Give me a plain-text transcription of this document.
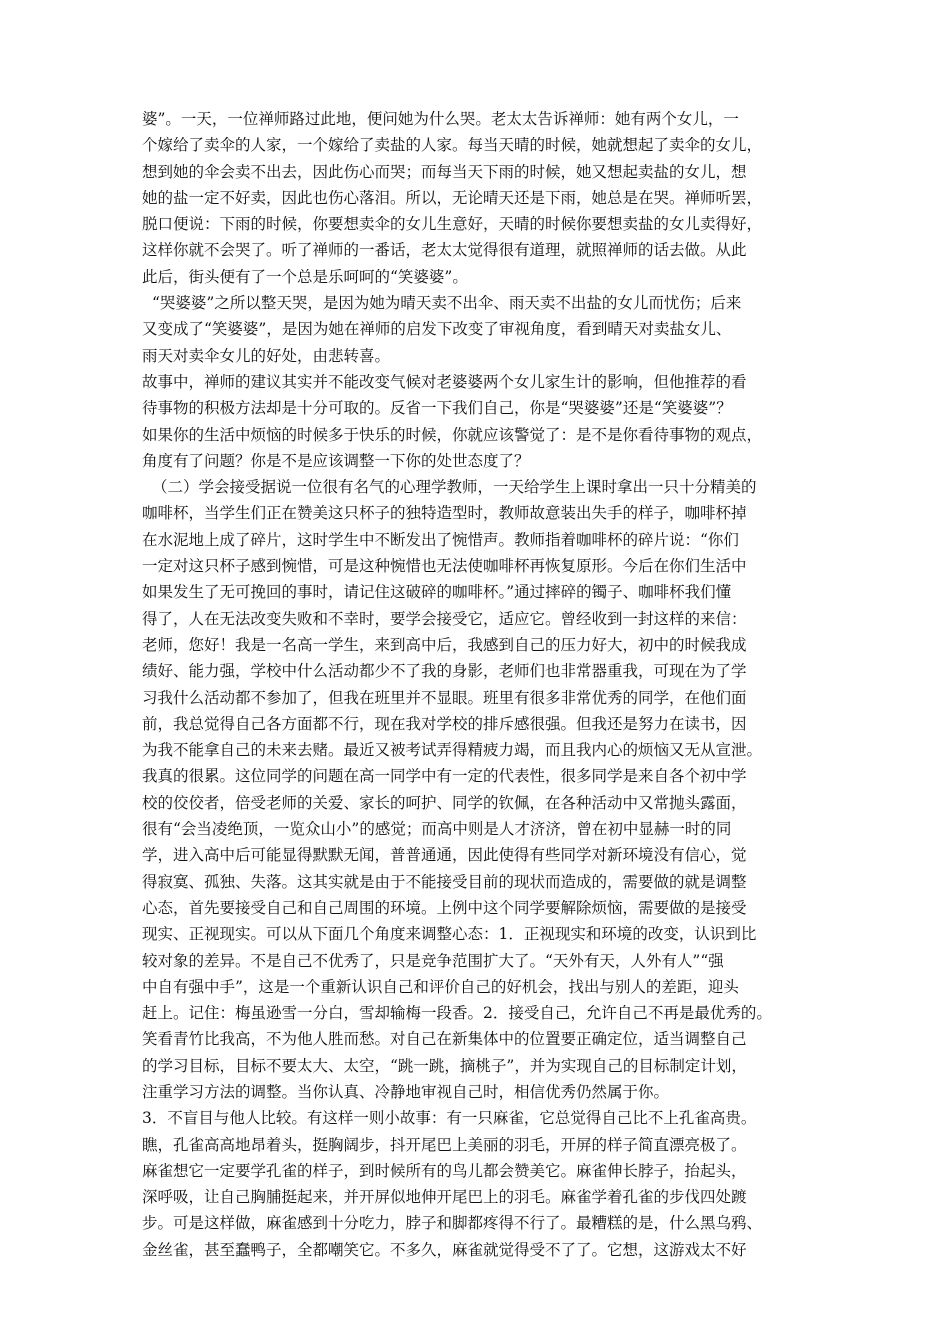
婆”。一天，一位禅师路过此地，便问她为什么哭。老太太告诉禅师：她有两个女儿，一
个嫁给了卖伞的人家，一个嫁给了卖盐的人家。每当天晴的时候，她就想起了卖伞的女儿，
想到她的伞会卖不出去，因此伤心而哭；而每当天下雨的时候，她又想起卖盐的女儿，想
她的盐一定不好卖，因此也伤心落泪。所以，无论晴天还是下雨，她总是在哭。禅师听罢，
脱口便说：下雨的时候，你要想卖伞的女儿生意好，天晴的时候你要想卖盐的女儿卖得好，
这样你就不会哭了。听了禅师的一番话，老太太觉得很有道理，就照禅师的话去做。从此
此后，街头便有了一个总是乐呵呵的“笑婆婆”。
“哭婆婆”之所以整天哭，是因为她为晴天卖不出伞、雨天卖不出盐的女儿而忧伤；后来
又变成了“笑婆婆”，是因为她在禅师的启发下改变了审视角度，看到晴天对卖盐女儿、
雨天对卖伞女儿的好处，由悲转喜。
故事中，禅师的建议其实并不能改变气候对老婆婆两个女儿家生计的影响，但他推荐的看
待事物的积极方法却是十分可取的。反省一下我们自己，你是“哭婆婆”还是“笑婆婆”？
如果你的生活中烦恼的时候多于快乐的时候，你就应该警觉了：是不是你看待事物的观点，
角度有了问题？你是不是应该调整一下你的处世态度了？
（二）学会接受据说一位很有名气的心理学教师，一天给学生上课时拿出一只十分精美的
咖啡杯，当学生们正在赞美这只杯子的独特造型时，教师故意装出失手的样子，咖啡杯掉
在水泥地上成了碎片，这时学生中不断发出了惋惜声。教师指着咖啡杯的碎片说：“你们
一定对这只杯子感到惋惜，可是这种惋惜也无法使咖啡杯再恢复原形。今后在你们生活中
如果发生了无可挽回的事时，请记住这破碎的咖啡杯。”通过摔碎的镯子、咖啡杯我们懂
得了，人在无法改变失败和不幸时，要学会接受它，适应它。曾经收到一封这样的来信：
老师，您好！我是一名高一学生，来到高中后，我感到自己的压力好大，初中的时候我成
绩好、能力强，学校中什么活动都少不了我的身影，老师们也非常器重我，可现在为了学
习我什么活动都不参加了，但我在班里并不显眼。班里有很多非常优秀的同学，在他们面
前，我总觉得自己各方面都不行，现在我对学校的排斥感很强。但我还是努力在读书，因
为我不能拿自己的未来去赌。最近又被考试弄得精疲力竭，而且我内心的烦恼又无从宣泄。
我真的很累。这位同学的问题在高一同学中有一定的代表性，很多同学是来自各个初中学
校的佼佼者，倍受老师的关爱、家长的呵护、同学的钦佩，在各种活动中又常抛头露面，
很有“会当凌绝顶，一览众山小”的感觉；而高中则是人才济济，曾在初中显赫一时的同
学，进入高中后可能显得默默无闻，普普通通，因此使得有些同学对新环境没有信心，觉
得寂寞、孤独、失落。这其实就是由于不能接受目前的现状而造成的，需要做的就是调整
心态，首先要接受自己和自己周围的环境。上例中这个同学要解除烦恼，需要做的是接受
现实、正视现实。可以从下面几个角度来调整心态：1．正视现实和环境的改变，认识到比
较对象的差异。不是自己不优秀了，只是竞争范围扩大了。“天外有天，人外有人”“强
中自有强中手”，这是一个重新认识自己和评价自己的好机会，找出与别人的差距，迎头
赶上。记住：梅虽逊雪一分白，雪却输梅一段香。2．接受自己，允许自己不再是最优秀的。
笑看青竹比我高，不为他人胜而愁。对自己在新集体中的位置要正确定位，适当调整自己
的学习目标，目标不要太大、太空，“跳一跳，摘桃子”，并为实现自己的目标制定计划，
注重学习方法的调整。当你认真、冷静地审视自己时，相信优秀仍然属于你。
3．不盲目与他人比较。有这样一则小故事：有一只麻雀，它总觉得自己比不上孔雀高贵。
瞧，孔雀高高地昂着头，挺胸阔步，抖开尾巴上美丽的羽毛，开屏的样子简直漂亮极了。
麻雀想它一定要学孔雀的样子，到时候所有的鸟儿都会赞美它。麻雀伸长脖子，抬起头，
深呼吸，让自己胸脯挺起来，并开屏似地伸开尾巴上的羽毛。麻雀学着孔雀的步伐四处踱
步。可是这样做，麻雀感到十分吃力，脖子和脚都疼得不行了。最糟糕的是，什么黑乌鸦、
金丝雀，甚至蠢鸭子，全都嘲笑它。不多久，麻雀就觉得受不了了。它想，这游戏太不好
